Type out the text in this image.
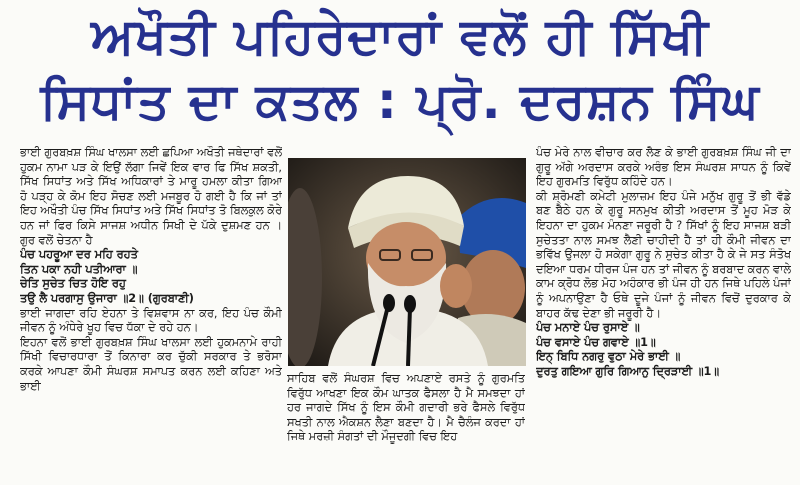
ਅਖੌਤੀ ਪਹਿਰੇਦਾਰਾਂ ਵਲੋਂ ਹੀ ਸਿੱਖੀ
ਸਿਧਾਂਤ ਦਾ ਕਤਲ : ਪ੍ਰੋ. ਦਰਸ਼ਨ ਸਿੰਘ

ਭਾਈ ਗੁਰਬਖ਼ਸ਼ ਸਿੰਘ ਖਾਲਸਾ ਲਈ ਛਪਿਆ ਅਖੌਤੀ ਜਥੇਦਾਰਾਂ ਵਲੋਂ ਹੁਕਮ ਨਾਮਾ ਪੜ ਕੇ ਇਉਂ ਲੱਗਾ ਜਿਵੇਂ ਇਕ ਵਾਰ ਫਿ ਸਿੱਖ ਸ਼ਕਤੀ, ਸਿੱਖ ਸਿਧਾਂਤ ਅਤੇ ਸਿੱਖ ਅਧਿਕਾਰਾਂ ਤੇ ਮਾਰੂ ਹਮਲਾ ਕੀਤਾ ਗਿਆ ਹੋ ਪੜ੍ਹ ਕੇ ਕੋਮ ਇਹ ਸੋਚਣ ਲਈ ਮਜਬੂਰ ਹੋ ਗਈ ਹੈ ਕਿ ਜਾਂ ਤਾਂ ਇਹ ਅਖੌਤੀ ਪੰਚ ਸਿੱਖ ਸਿਧਾਂਤ ਅਤੇ ਸਿੱਖ ਸਿਧਾਂਤ ਤੋ ਬਿਲਕੁਲ ਕੋਰੇ ਹਨ ਜਾਂ ਫਿਰ ਕਿਸੇ ਸਾਜਸ਼ ਅਧੀਨ ਸਿਖੀ ਦੇ ਪੱਕੇ ਦੁਸ਼ਮਣ ਹਨ । ਗੁਰ ਵਲੋਂ ਚੇਤਨਾ ਹੈ

ਪੰਚ ਪਹਰੂਆ ਦਰ ਮਹਿ ਰਹਤੇ

ਤਿਨ ਪਕਾ ਨਹੀ ਪਤੀਆਰਾ ॥

ਚੇਤਿ ਸੁਚੇਤ ਚਿਤ ਹੋਇ ਰਹੁ

ਤਉ ਲੈ ਪਰਗਾਸੁ ਉਜਾਰਾ ॥2॥ (ਗੁਰਬਾਣੀ)

ਭਾਈ ਜਾਗਦਾ ਰਹਿ ਏਹਨਾ ਤੇ ਵਿਸ਼ਵਾਸ ਨਾ ਕਰ, ਇਹ ਪੰਚ ਕੌਮੀ ਜੀਵਨ ਨੂੰ ਅੰਧੇਰੇ ਖੂਹ ਵਿਚ ਧੱਕਾ ਦੇ ਰਹੇ ਹਨ।

ਇਹਨਾ ਵਲੋਂ ਭਾਈ ਗੁਰਬਖ਼ਸ਼ ਸਿੰਘ ਖਾਲਸਾ ਲਈ ਹੁਕਮਨਾਮੇ ਰਾਹੀ ਸਿੱਖੀ ਵਿਚਾਰਧਾਰਾ ਤੋਂ ਕਿਨਾਰਾ ਕਰ ਚੁੱਕੀ ਸਰਕਾਰ ਤੇ ਭਰੋਸਾ ਕਰਕੇ ਆਪਣਾ ਕੌਮੀ ਸੰਘਰਸ਼ ਸਮਾਪਤ ਕਰਨ ਲਈ ਕਹਿਣਾ ਅਤੇ ਭਾਈ

ਸਾਹਿਬ ਵਲੋਂ ਸੰਘਰਸ਼ ਵਿਚ ਅਪਣਾਏ ਰਸਤੇ ਨੂੰ ਗੁਰਮਤਿ ਵਿਰੁੱਧ ਆਖਣਾ ਇਕ ਕੌਮ ਘਾਤਕ ਫੈਸਲਾ ਹੈ ਮੈ ਸਮਝਦਾ ਹਾਂ ਹਰ ਜਾਗਦੇ ਸਿੱਖ ਨੂੰ ਇਸ ਕੌਮੀ ਗਦਾਰੀ ਭਰੇ ਫੈਸਲੇ ਵਿਰੁੱਧ ਸਖਤੀ ਨਾਲ ਐਕਸ਼ਨ ਲੈਣਾ ਬਣਦਾ ਹੈ। ਮੈ ਚੈਲੰਜ ਕਰਦਾ ਹਾਂ ਜਿਥੇ ਮਰਜ਼ੀ ਸੰਗਤਾਂ ਦੀ ਮੌਜੂਦਗੀ ਵਿਚ ਇਹ

ਪੰਚ ਮੇਰੇ ਨਾਲ ਵੀਚਾਰ ਕਰ ਲੈਣ ਕੇ ਭਾਈ ਗੁਰਬਖ਼ਸ਼ ਸਿੰਘ ਜੀ ਦਾ ਗੁਰੂ ਅੱਗੇ ਅਰਦਾਸ ਕਰਕੇ ਅਰੰਭ ਇਸ ਸੰਘਰਸ਼ ਸਾਧਨ ਨੂੰ ਕਿਵੇਂ ਇਹ ਗੁਰਮਤਿ ਵਿਰੁੱਧ ਕਹਿੰਦੇ ਹਨ।

ਕੀ ਸ਼੍ਰੋਮਣੀ ਕਮੇਟੀ ਮੁਲਾਜ਼ਮ ਇਹ ਪੰਜੇ ਮਨੁੱਖ ਗੁਰੂ ਤੋਂ ਭੀ ਵੱਡੇ ਬਣ ਬੈਠੇ ਹਨ ਕੇ ਗੁਰੂ ਸਨਮੁਖ ਕੀਤੀ ਅਰਦਾਸ ਤੋਂ ਮੂਹ ਮੋੜ ਕੇ ਇਹਨਾ ਦਾ ਹੁਕਮ ਮੰਨਣਾ ਜਰੂਰੀ ਹੈ ? ਸਿੱਖਾਂ ਨੂੰ ਇਹ ਸਾਜਸ਼ ਬੜੀ ਸੁਚੇਤਤਾ ਨਾਲ ਸਮਝ ਲੈਣੀ ਚਾਹੀਦੀ ਹੈ ਤਾਂ ਹੀ ਕੌਮੀ ਜੀਵਨ ਦਾ ਭਵਿੱਖ ਉਜਲਾ ਹੋ ਸਕੇਗਾ ਗੁਰੂ ਨੇ ਸੁਚੇਤ ਕੀਤਾ ਹੈ ਕੇ ਜੇ ਸਤ ਸੰਤੋਖ ਦਇਆ ਧਰਮ ਧੀਰਜ ਪੰਜ ਹਨ ਤਾਂ ਜੀਵਨ ਨੂੰ ਬਰਬਾਦ ਕਰਨ ਵਾਲੇ ਕਾਮ ਕ੍ਰੋਧ ਲੋਭ ਮੋਹ ਅਹੰਕਾਰ ਭੀ ਪੰਜ ਹੀ ਹਨ ਜਿਥੇ ਪਹਿਲੇ ਪੰਜਾਂ ਨੂੰ ਅਪਨਾਉਣਾ ਹੈ ਓਥੇ ਦੂਜੇ ਪੰਜਾਂ ਨੂੰ ਜੀਵਨ ਵਿਚੋਂ ਦੁਰਕਾਰ ਕੇ ਬਾਹਰ ਕੱਢ ਦੇਣਾ ਭੀ ਜਰੂਰੀ ਹੈ।

ਪੰਚ ਮਨਾਏ ਪੰਚ ਰੁਸਾਏ ॥

ਪੰਚ ਵਸਾਏ ਪੰਚ ਗਵਾਏ ॥1॥

ਇਨ੍ ਬਿਧਿ ਨਗਰੁ ਵੁਠਾ ਮੇਰੇ ਭਾਈ ॥

ਦੁਰਤੁ ਗਇਆ ਗੁਰਿ ਗਿਆਨੁ ਦ੍ਰਿੜਾਈ ॥1॥
